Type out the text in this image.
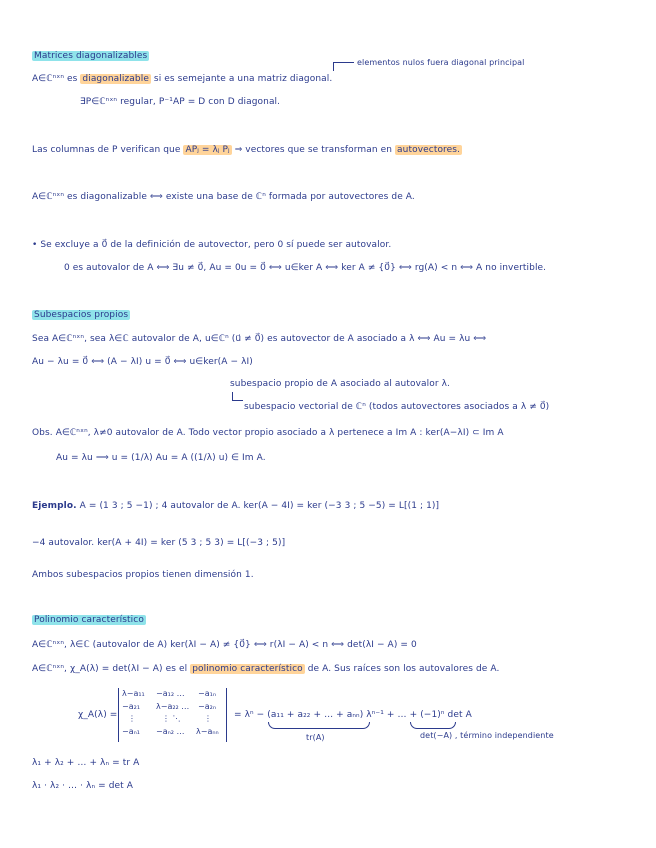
Matrices diagonalizables
elementos nulos fuera diagonal principal
A∈ℂⁿˣⁿ es diagonalizable si es semejante a una matriz diagonal.
∃P∈ℂⁿˣⁿ regular, P⁻¹AP = D con D diagonal.
Las columnas de P verifican que APⱼ = λⱼ Pⱼ ⇒ vectores que se transforman en autovectores.
A∈ℂⁿˣⁿ es diagonalizable ⟺ existe una base de ℂⁿ formada por autovectores de A.
• Se excluye a 0⃗ de la definición de autovector, pero 0 sí puede ser autovalor.
0 es autovalor de A ⟺ ∃u ≠ 0⃗, Au = 0u = 0⃗ ⟺ u∈ker A ⟺ ker A ≠ {0⃗} ⟺ rg(A) < n ⟺ A no invertible.
Subespacios propios
Sea A∈ℂⁿˣⁿ, sea λ∈ℂ autovalor de A, u∈ℂⁿ (u⃗ ≠ 0⃗) es autovector de A asociado a λ ⟺ Au = λu ⟺
Au − λu = 0⃗ ⟺ (A − λI) u = 0⃗ ⟺ u∈ker(A − λI)
subespacio propio de A asociado al autovalor λ.
subespacio vectorial de ℂⁿ (todos autovectores asociados a λ ≠ 0⃗)
Obs. A∈ℂⁿˣⁿ, λ≠0 autovalor de A. Todo vector propio asociado a λ pertenece a Im A : ker(A−λI) ⊂ Im A
Au = λu ⟹ u = (1/λ) Au = A ((1/λ) u) ∈ Im A.
Ejemplo. A = (1 3 ; 5 −1) ; 4 autovalor de A. ker(A − 4I) = ker (−3 3 ; 5 −5) = L[(1 ; 1)]
−4 autovalor. ker(A + 4I) = ker (5 3 ; 5 3) = L[(−3 ; 5)]
Ambos subespacios propios tienen dimensión 1.
Polinomio característico
A∈ℂⁿˣⁿ, λ∈ℂ (autovalor de A) ker(λI − A) ≠ {0⃗} ⟺ r(λI − A) < n ⟺ det(λI − A) = 0
A∈ℂⁿˣⁿ, χ_A(λ) = det(λI − A) es el polinomio característico de A. Sus raíces son los autovalores de A.
χ_A(λ) =
λ−a₁₁ −a₁₂ … −a₁ₙ
−a₂₁ λ−a₂₂ … −a₂ₙ
⋮	⋮ ⋱	⋮
−aₙ₁ −aₙ₂ … λ−aₙₙ
= λⁿ − (a₁₁ + a₂₂ + … + aₙₙ) λⁿ⁻¹ + … + (−1)ⁿ det A
tr(A)	det(−A) , término independiente
λ₁ + λ₂ + … + λₙ = tr A
λ₁ · λ₂ · … · λₙ = det A
